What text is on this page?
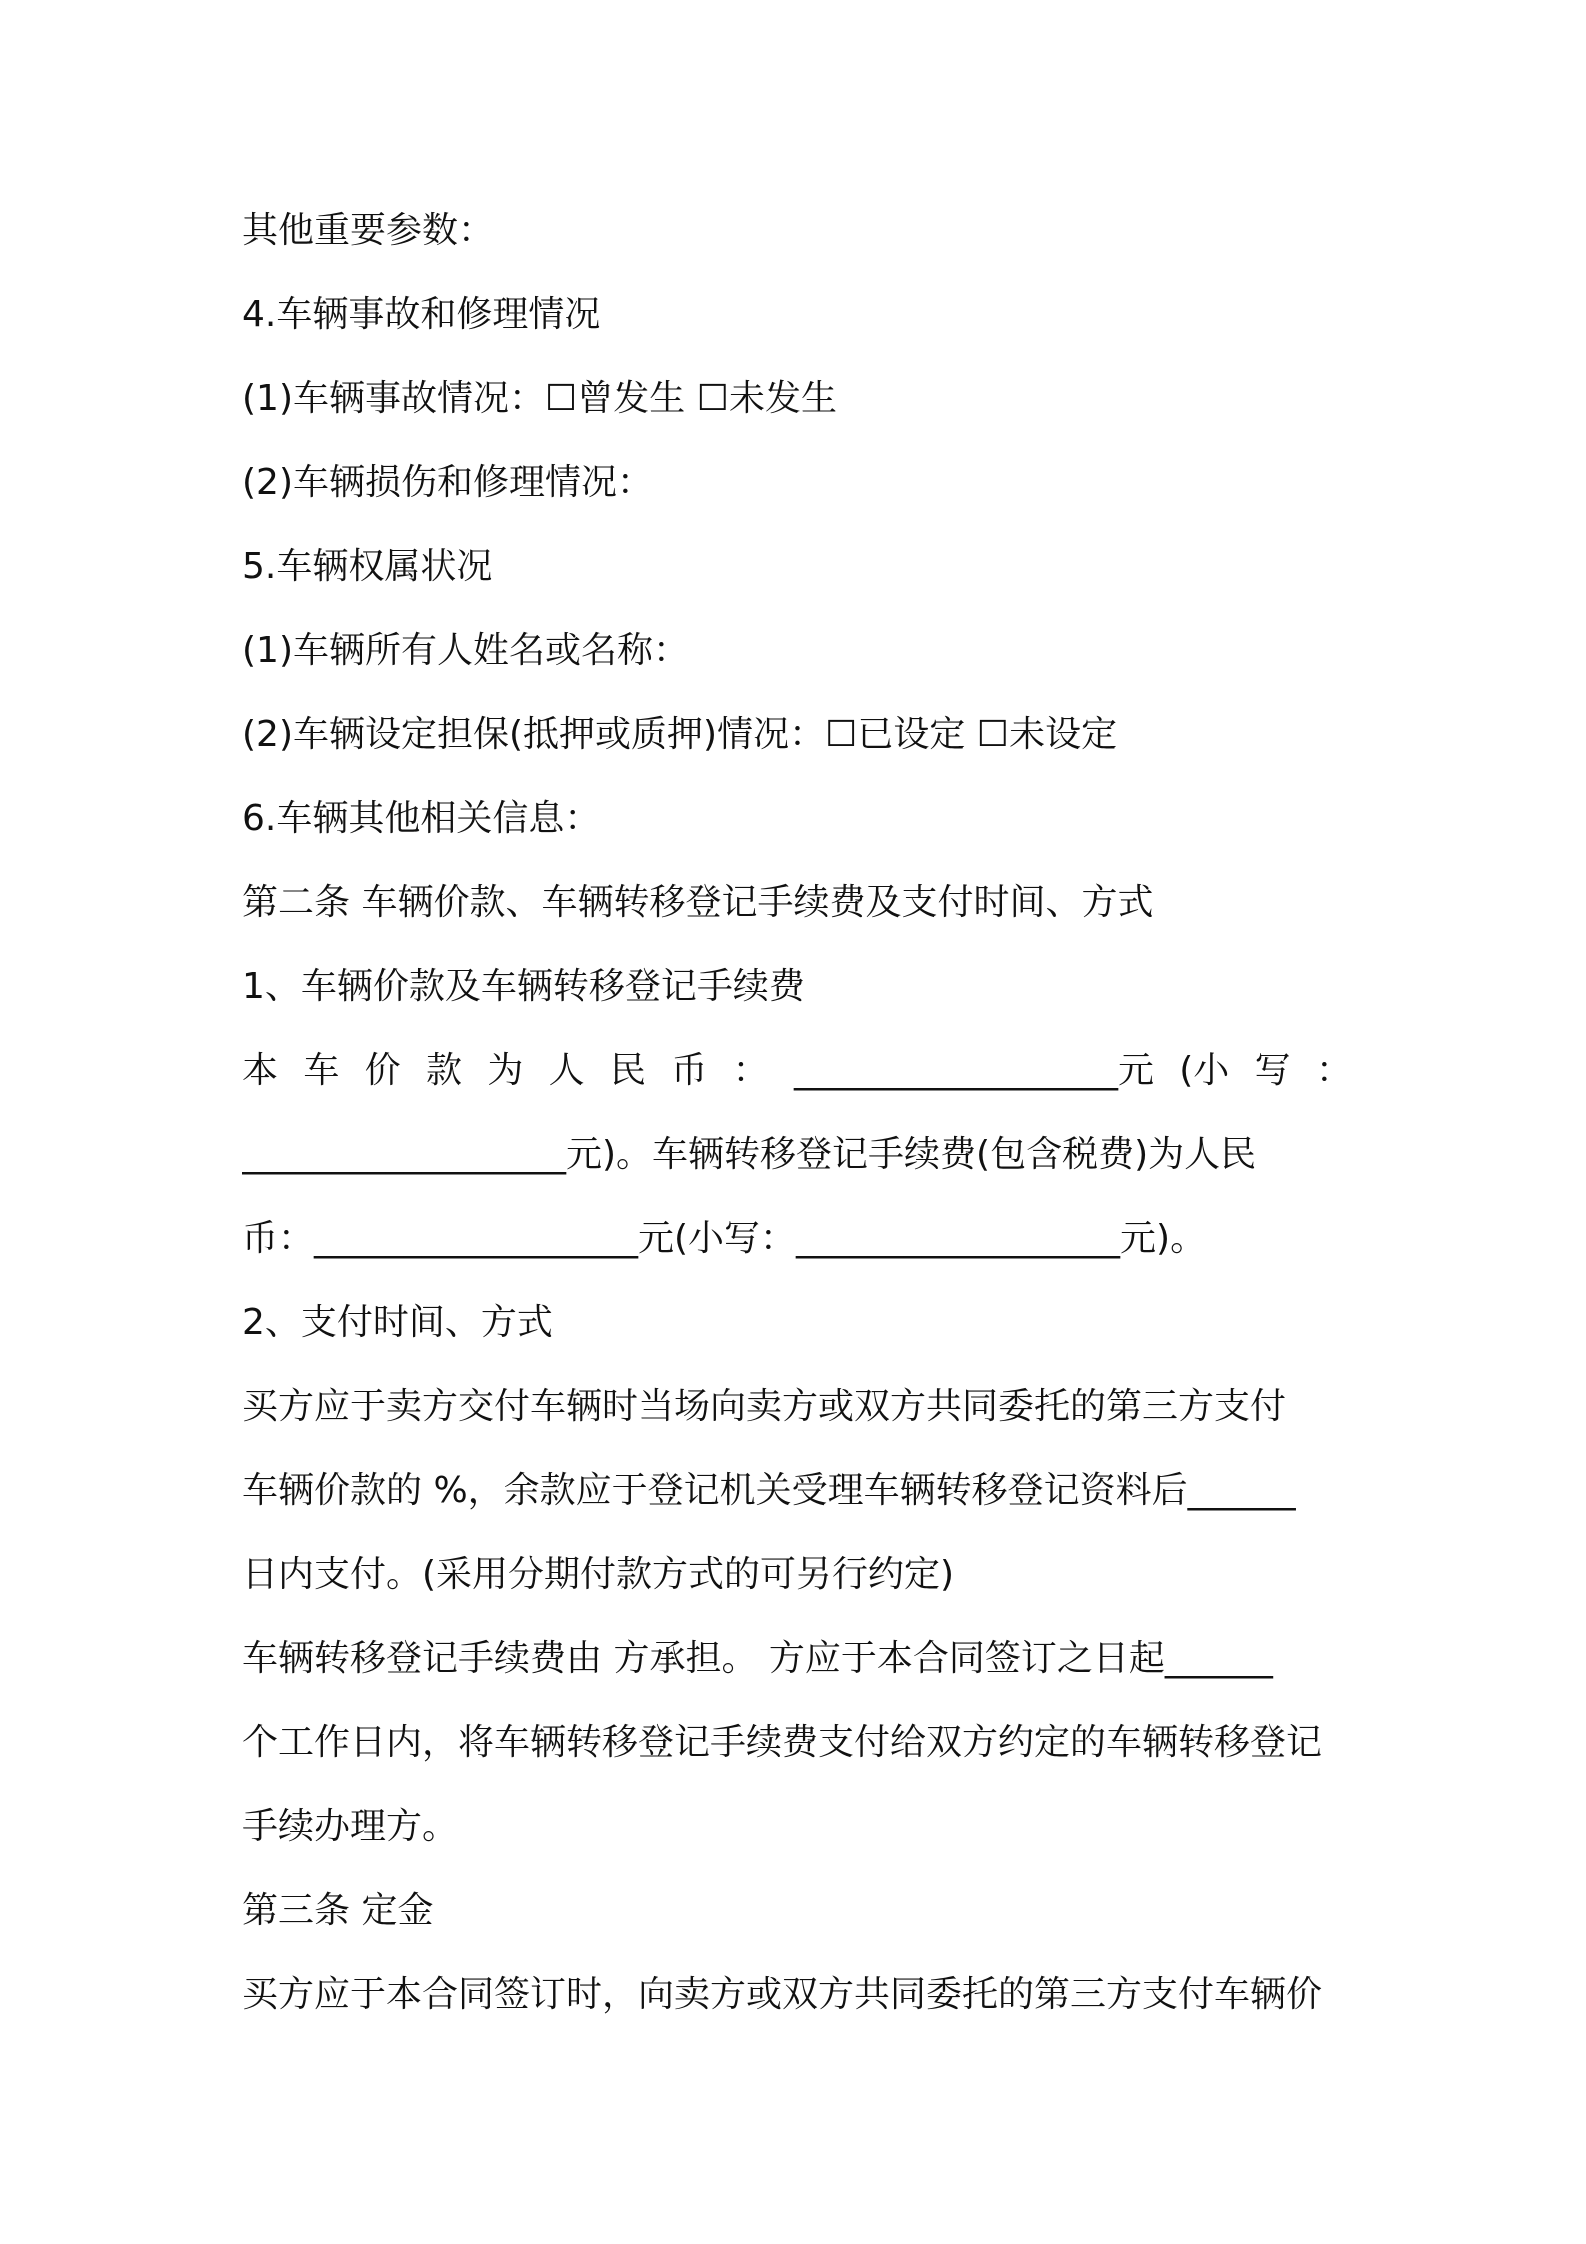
其他重要参数：
4.车辆事故和修理情况
(1)车辆事故情况：☐曾发生 ☐未发生
(2)车辆损伤和修理情况：
5.车辆权属状况
(1)车辆所有人姓名或名称：
(2)车辆设定担保(抵押或质押)情况：☐已设定 ☐未设定
6.车辆其他相关信息：
第二条 车辆价款、车辆转移登记手续费及支付时间、方式
1、车辆价款及车辆转移登记手续费
本 车 价 款 为 人 民 币 ： __________________元 (小 写 ：
__________________元)。车辆转移登记手续费(包含税费)为人民
币：__________________元(小写：__________________元)。
2、支付时间、方式
买方应于卖方交付车辆时当场向卖方或双方共同委托的第三方支付
车辆价款的 %，余款应于登记机关受理车辆转移登记资料后______
日内支付。(采用分期付款方式的可另行约定)
车辆转移登记手续费由 方承担。 方应于本合同签订之日起______
个工作日内，将车辆转移登记手续费支付给双方约定的车辆转移登记
手续办理方。
第三条 定金
买方应于本合同签订时，向卖方或双方共同委托的第三方支付车辆价
